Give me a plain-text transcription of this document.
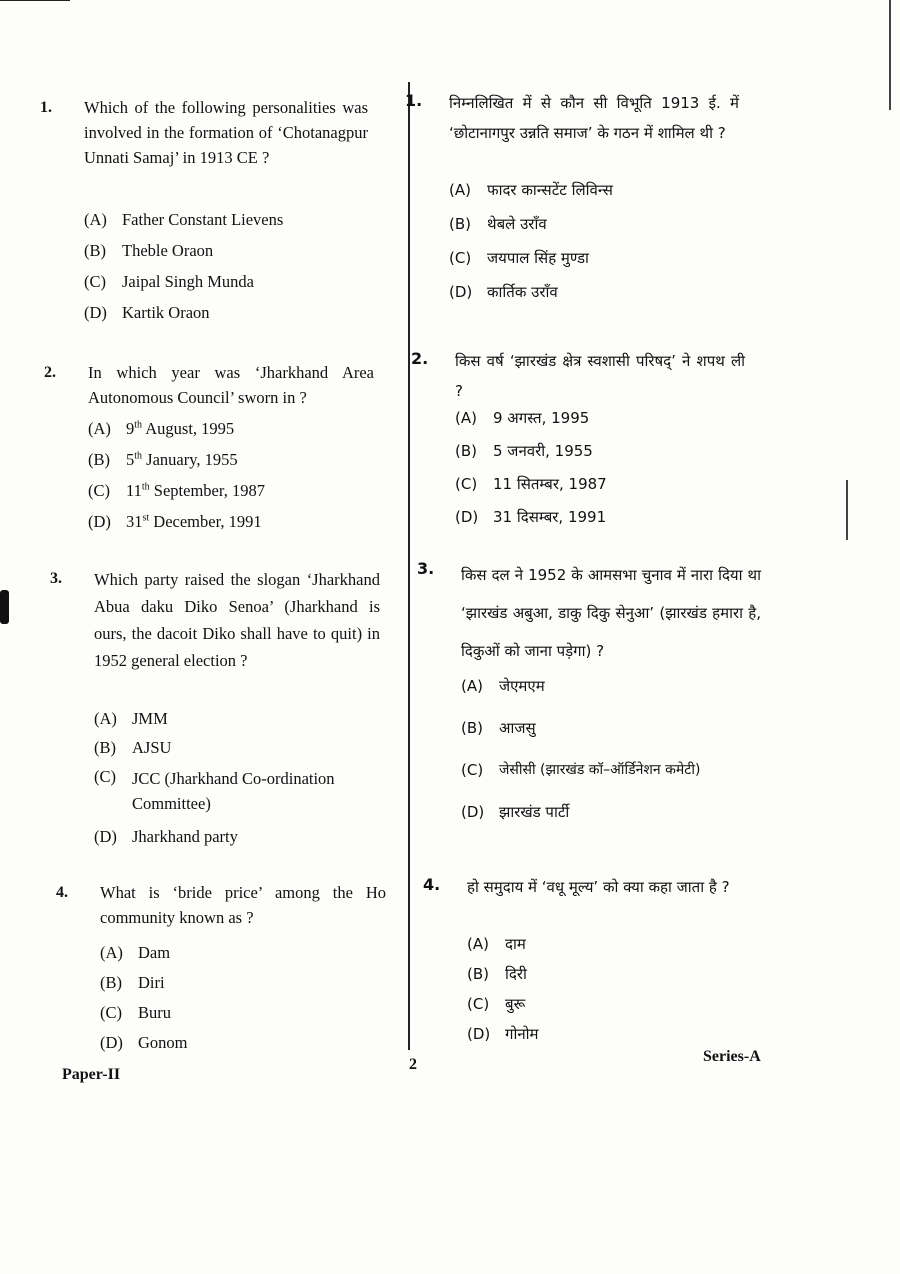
1. Which of the following personalities was involved in the formation of ‘Chotanagpur Unnati Samaj’ in 1913 CE ?
(A) Father Constant Lievens
(B) Theble Oraon
(C) Jaipal Singh Munda
(D) Kartik Oraon
2. In which year was ‘Jharkhand Area Autonomous Council’ sworn in ?
(A) 9th August, 1995
(B) 5th January, 1955
(C) 11th September, 1987
(D) 31st December, 1991
3. Which party raised the slogan ‘Jharkhand Abua daku Diko Senoa’ (Jharkhand is ours, the dacoit Diko shall have to quit) in 1952 general election ?
(A) JMM
(B) AJSU
(C) JCC (Jharkhand Co-ordination Committee)
(D) Jharkhand party
4. What is ‘bride price’ among the Ho community known as ?
(A) Dam
(B) Diri
(C) Buru
(D) Gonom
1. निम्नलिखित में से कौन सी विभूति 1913 ई. में ‘छोटानागपुर उन्नति समाज’ के गठन में शामिल थी ?
(A)	फादर कान्सटेंट लिविन्स
(B)	थेबले उराँव
(C)	जयपाल सिंह मुण्डा
(D) कार्तिक उराँव
2. किस वर्ष ‘झारखंड क्षेत्र स्वशासी परिषद्’ ने शपथ ली ?
(A)	9 अगस्त, 1995
(B)	5 जनवरी, 1955
(C)	11 सितम्बर, 1987
(D) 31 दिसम्बर, 1991
3. किस दल ने 1952 के आमसभा चुनाव में नारा दिया था ‘झारखंड अबुआ, डाकु दिकु सेनुआ’ (झारखंड हमारा है, दिकुओं को जाना पड़ेगा) ?
(A)	जेएमएम
(B)	आजसु
(C)	जेसीसी (झारखंड कॉ–ऑर्डिनेशन कमेटी)
(D) झारखंड पार्टी
4. हो समुदाय में ‘वधू मूल्य’ को क्या कहा जाता है ?
(A)	दाम
(B)	दिरी
(C)	बुरू
(D) गोनोम
Paper-II
2	Series-A
